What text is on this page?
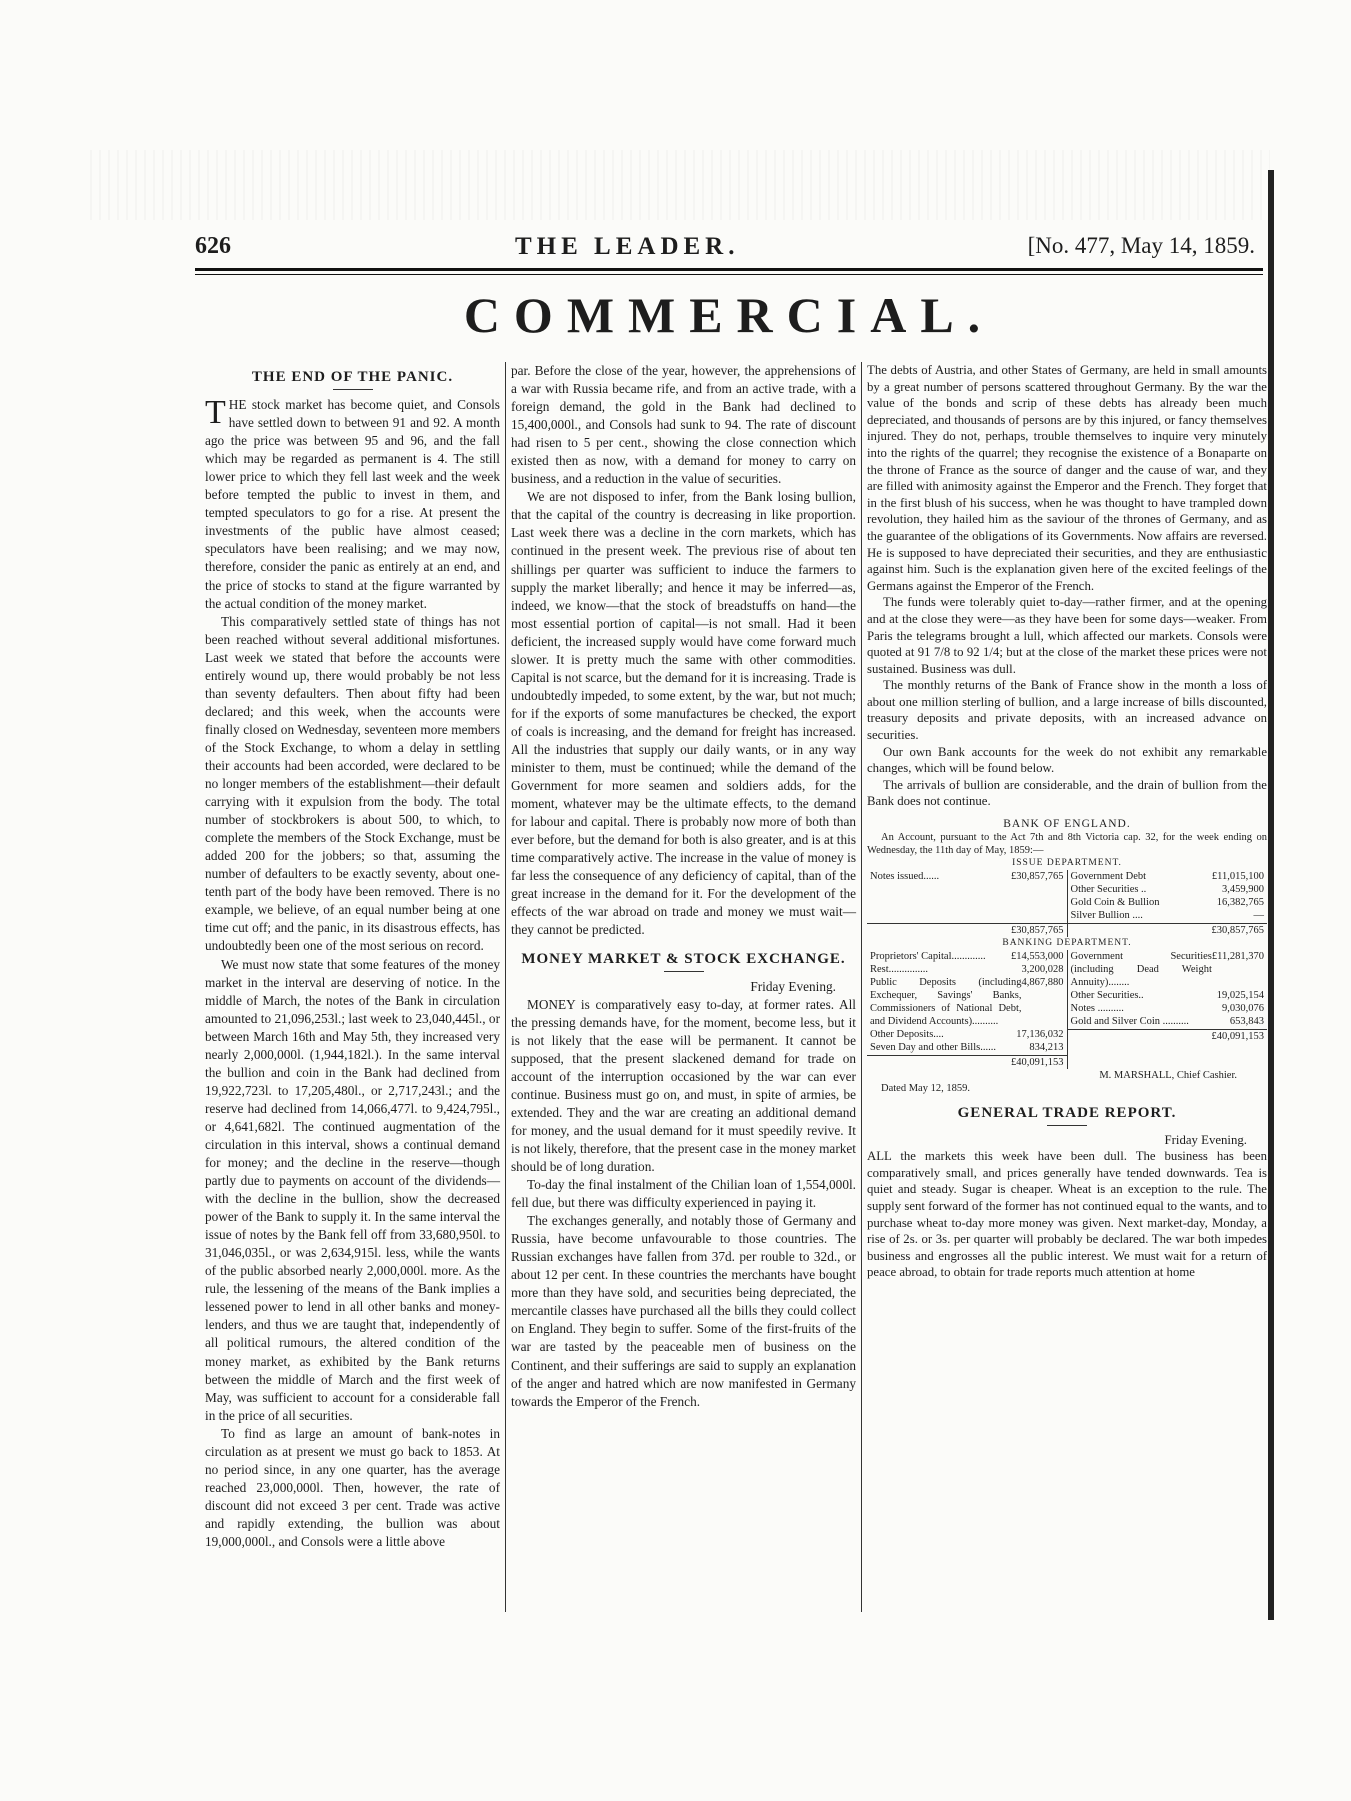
626	THE LEADER.	[No. 477, May 14, 1859.
COMMERCIAL.
THE END OF THE PANIC.

THE stock market has become quiet, and Consols have settled down to between 91 and 92. A month ago the price was between 95 and 96, and the fall which may be regarded as permanent is 4. The still lower price to which they fell last week and the week before tempted the public to invest in them, and tempted speculators to go for a rise. At present the investments of the public have almost ceased; speculators have been realising; and we may now, therefore, consider the panic as entirely at an end, and the price of stocks to stand at the figure warranted by the actual condition of the money market.

This comparatively settled state of things has not been reached without several additional misfortunes. Last week we stated that before the accounts were entirely wound up, there would probably be not less than seventy defaulters. Then about fifty had been declared; and this week, when the accounts were finally closed on Wednesday, seventeen more members of the Stock Exchange, to whom a delay in settling their accounts had been accorded, were declared to be no longer members of the establishment—their default carrying with it expulsion from the body. The total number of stockbrokers is about 500, to which, to complete the members of the Stock Exchange, must be added 200 for the jobbers; so that, assuming the number of defaulters to be exactly seventy, about one-tenth part of the body have been removed. There is no example, we believe, of an equal number being at one time cut off; and the panic, in its disastrous effects, has undoubtedly been one of the most serious on record.

We must now state that some features of the money market in the interval are deserving of notice. In the middle of March, the notes of the Bank in circulation amounted to 21,096,253l.; last week to 23,040,445l., or between March 16th and May 5th, they increased very nearly 2,000,000l. (1,944,182l.). In the same interval the bullion and coin in the Bank had declined from 19,922,723l. to 17,205,480l., or 2,717,243l.; and the reserve had declined from 14,066,477l. to 9,424,795l., or 4,641,682l. The continued augmentation of the circulation in this interval, shows a continual demand for money; and the decline in the reserve—though partly due to payments on account of the dividends—with the decline in the bullion, show the decreased power of the Bank to supply it. In the same interval the issue of notes by the Bank fell off from 33,680,950l. to 31,046,035l., or was 2,634,915l. less, while the wants of the public absorbed nearly 2,000,000l. more. As the rule, the lessening of the means of the Bank implies a lessened power to lend in all other banks and money-lenders, and thus we are taught that, independently of all political rumours, the altered condition of the money market, as exhibited by the Bank returns between the middle of March and the first week of May, was sufficient to account for a considerable fall in the price of all securities.

To find as large an amount of bank-notes in circulation as at present we must go back to 1853. At no period since, in any one quarter, has the average reached 23,000,000l. Then, however, the rate of discount did not exceed 3 per cent. Trade was active and rapidly extending, the bullion was about 19,000,000l., and Consols were a little above

par. Before the close of the year, however, the apprehensions of a war with Russia became rife, and from an active trade, with a foreign demand, the gold in the Bank had declined to 15,400,000l., and Consols had sunk to 94. The rate of discount had risen to 5 per cent., showing the close connection which existed then as now, with a demand for money to carry on business, and a reduction in the value of securities.

We are not disposed to infer, from the Bank losing bullion, that the capital of the country is decreasing in like proportion. Last week there was a decline in the corn markets, which has continued in the present week. The previous rise of about ten shillings per quarter was sufficient to induce the farmers to supply the market liberally; and hence it may be inferred—as, indeed, we know—that the stock of breadstuffs on hand—the most essential portion of capital—is not small. Had it been deficient, the increased supply would have come forward much slower. It is pretty much the same with other commodities. Capital is not scarce, but the demand for it is increasing. Trade is undoubtedly impeded, to some extent, by the war, but not much; for if the exports of some manufactures be checked, the export of coals is increasing, and the demand for freight has increased. All the industries that supply our daily wants, or in any way minister to them, must be continued; while the demand of the Government for more seamen and soldiers adds, for the moment, whatever may be the ultimate effects, to the demand for labour and capital. There is probably now more of both than ever before, but the demand for both is also greater, and is at this time comparatively active. The increase in the value of money is far less the consequence of any deficiency of capital, than of the great increase in the demand for it. For the development of the effects of the war abroad on trade and money we must wait—they cannot be predicted.

MONEY MARKET & STOCK EXCHANGE.
Friday Evening.

MONEY is comparatively easy to-day, at former rates. All the pressing demands have, for the moment, become less, but it is not likely that the ease will be permanent. It cannot be supposed, that the present slackened demand for trade on account of the interruption occasioned by the war can ever continue. Business must go on, and must, in spite of armies, be extended. They and the war are creating an additional demand for money, and the usual demand for it must speedily revive. It is not likely, therefore, that the present case in the money market should be of long duration.

To-day the final instalment of the Chilian loan of 1,554,000l. fell due, but there was difficulty experienced in paying it.

The exchanges generally, and notably those of Germany and Russia, have become unfavourable to those countries. The Russian exchanges have fallen from 37d. per rouble to 32d., or about 12 per cent. In these countries the merchants have bought more than they have sold, and securities being depreciated, the mercantile classes have purchased all the bills they could collect on England. They begin to suffer. Some of the first-fruits of the war are tasted by the peaceable men of business on the Continent, and their sufferings are said to supply an explanation of the anger and hatred which are now manifested in Germany towards the Emperor of the French.

The debts of Austria, and other States of Germany, are held in small amounts by a great number of persons scattered throughout Germany. By the war the value of the bonds and scrip of these debts has already been much depreciated, and thousands of persons are by this injured, or fancy themselves injured. They do not, perhaps, trouble themselves to inquire very minutely into the rights of the quarrel; they recognise the existence of a Bonaparte on the throne of France as the source of danger and the cause of war, and they are filled with animosity against the Emperor and the French. They forget that in the first blush of his success, when he was thought to have trampled down revolution, they hailed him as the saviour of the thrones of Germany, and as the guarantee of the obligations of its Governments. Now affairs are reversed. He is supposed to have depreciated their securities, and they are enthusiastic against him. Such is the explanation given here of the excited feelings of the Germans against the Emperor of the French.

The funds were tolerably quiet to-day—rather firmer, and at the opening and at the close they were—as they have been for some days—weaker. From Paris the telegrams brought a lull, which affected our markets. Consols were quoted at 91 7/8 to 92 1/4; but at the close of the market these prices were not sustained. Business was dull.

The monthly returns of the Bank of France show in the month a loss of about one million sterling of bullion, and a large increase of bills discounted, treasury deposits and private deposits, with an increased advance on securities.

Our own Bank accounts for the week do not exhibit any remarkable changes, which will be found below.

The arrivals of bullion are considerable, and the drain of bullion from the Bank does not continue.

BANK OF ENGLAND.
An Account, pursuant to the Act 7th and 8th Victoria cap. 32, for the week ending on Wednesday, the 11th day of May, 1859:—
ISSUE DEPARTMENT.
Notes issued......	£30,857,765

£30,857,765
Government Debt	£11,015,100
Other Securities ..	3,459,900
Gold Coin & Bullion	16,382,765
Silver Bullion ....	—
£30,857,765
BANKING DEPARTMENT.
Proprietors' Capital............. £14,553,000
Rest...............	3,200,028
Public Deposits (including Exchequer, Savings' Banks, Commissioners of National Debt, and Dividend Accounts)..........
4,867,880
Other Deposits....	17,136,032
Seven Day and other Bills......	834,213
£40,091,153
Government Securities (including Dead Weight Annuity)........
£11,281,370
Other Securities..	19,025,154
Notes ..........	9,030,076
Gold and Silver Coin ..........	653,843
£40,091,153
M. MARSHALL, Chief Cashier.
Dated May 12, 1859.
GENERAL TRADE REPORT.
Friday Evening.

ALL the markets this week have been dull. The business has been comparatively small, and prices generally have tended downwards. Tea is quiet and steady. Sugar is cheaper. Wheat is an exception to the rule. The supply sent forward of the former has not continued equal to the wants, and to purchase wheat to-day more money was given. Next market-day, Monday, a rise of 2s. or 3s. per quarter will probably be declared. The war both impedes business and engrosses all the public interest. We must wait for a return of peace abroad, to obtain for trade reports much attention at home
